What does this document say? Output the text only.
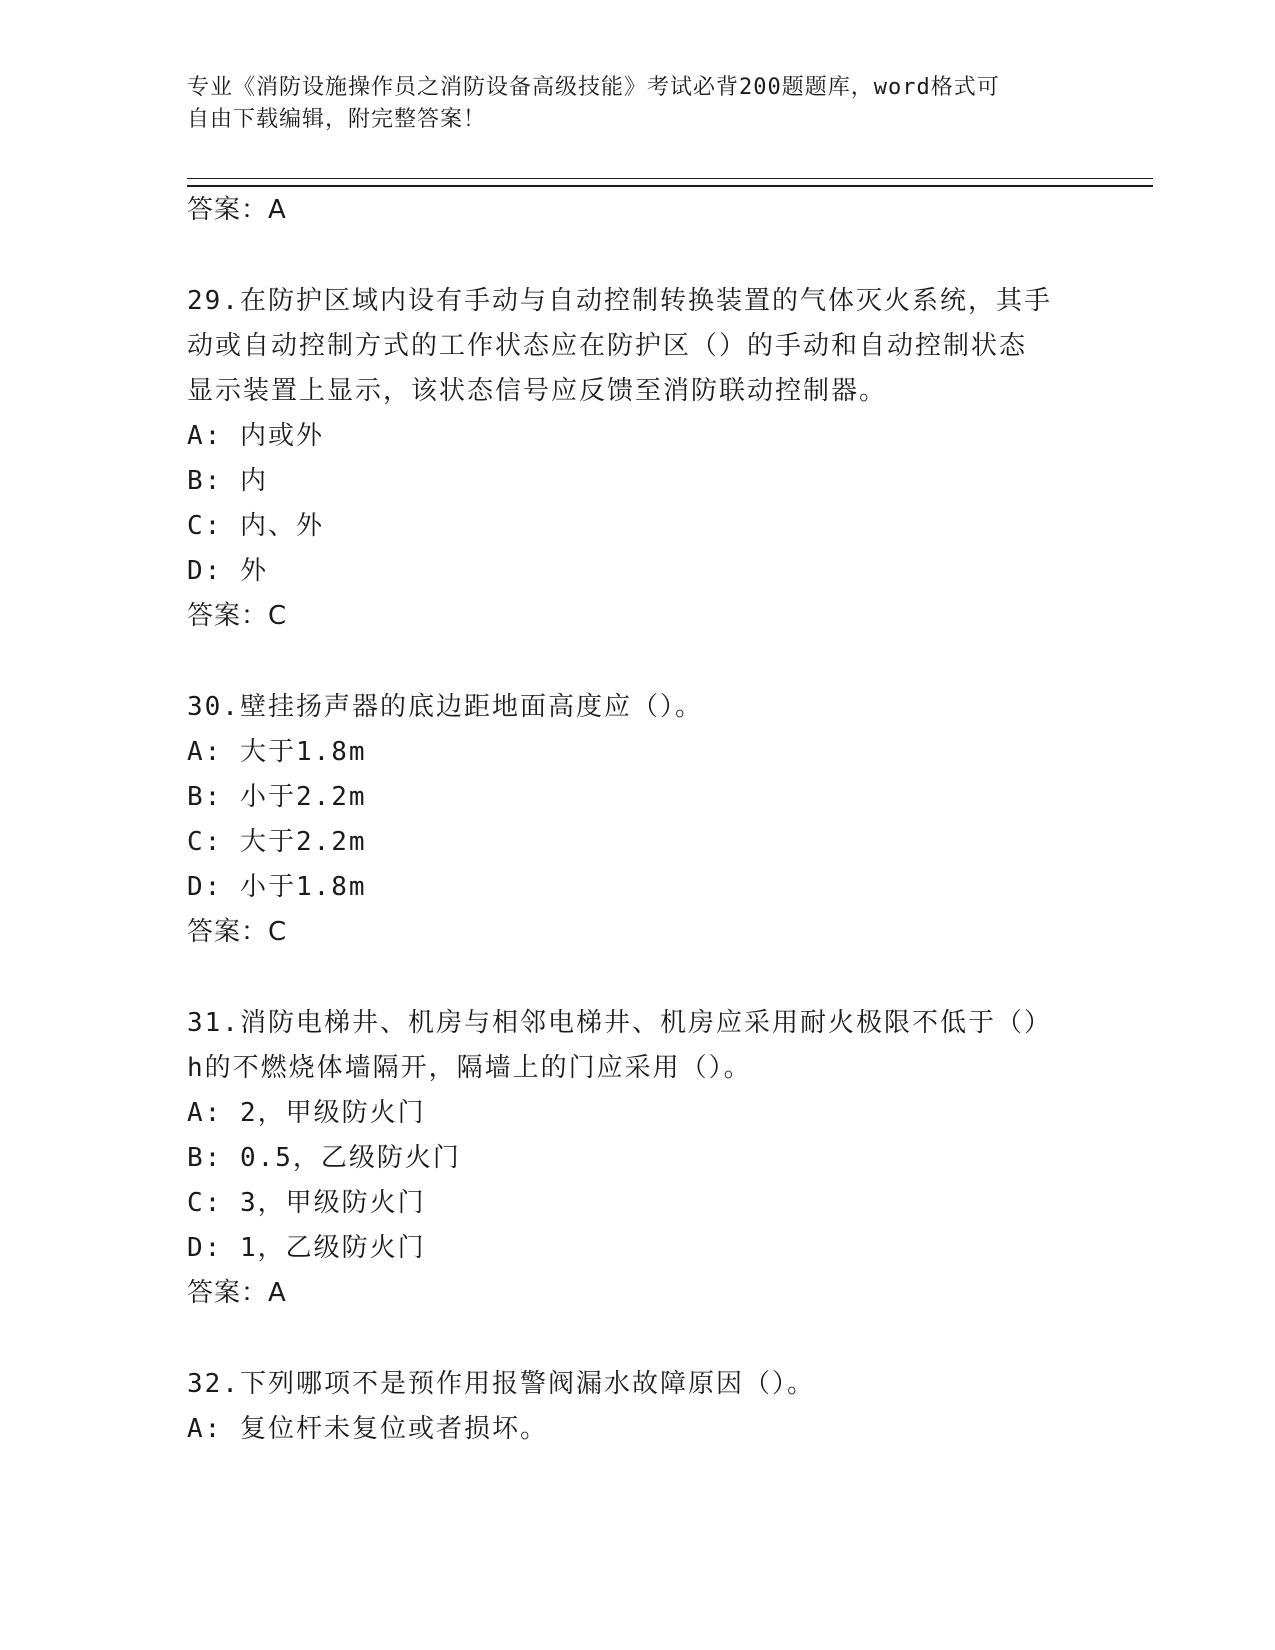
专业《消防设施操作员之消防设备高级技能》考试必背200题题库，word格式可
自由下载编辑，附完整答案！
答案：A
29.在防护区域内设有手动与自动控制转换装置的气体灭火系统，其手
动或自动控制方式的工作状态应在防护区（）的手动和自动控制状态
显示装置上显示，该状态信号应反馈至消防联动控制器。
A: 内或外
B: 内
C: 内、外
D: 外
答案：C
30.壁挂扬声器的底边距地面高度应（）。
A: 大于1.8m
B: 小于2.2m
C: 大于2.2m
D: 小于1.8m
答案：C
31.消防电梯井、机房与相邻电梯井、机房应采用耐火极限不低于（）
h的不燃烧体墙隔开，隔墙上的门应采用（）。
A: 2，甲级防火门
B: 0.5，乙级防火门
C: 3，甲级防火门
D: 1，乙级防火门
答案：A
32.下列哪项不是预作用报警阀漏水故障原因（）。
A: 复位杆未复位或者损坏。
